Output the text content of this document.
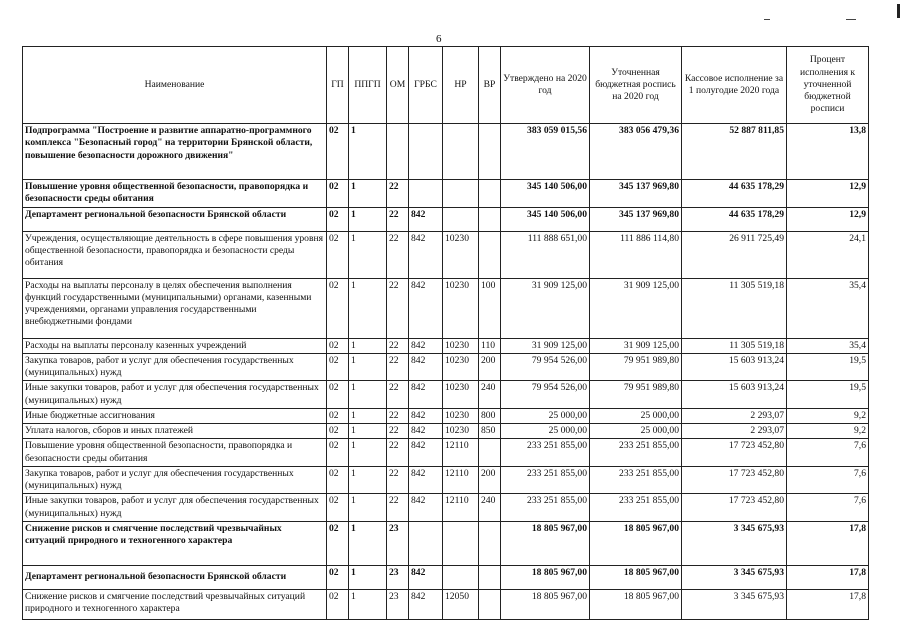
6
Наименование	ГП	ППГП	ОМ	ГРБС	НР	ВР	Утверждено на 2020 год	Уточненная бюджетная роспись на 2020 год	Кассовое исполнение за 1 полугодие 2020 года	Процент исполнения к уточненной бюджетной росписи
Подпрограмма "Построение и развитие аппаратно-программного комплекса "Безопасный город" на территории Брянской области, повышение безопасности дорожного движения"	02	1					383 059 015,56	383 056 479,36	52 887 811,85	13,8
Повышение уровня общественной безопасности, правопорядка и безопасности среды обитания	02	1	22				345 140 506,00	345 137 969,80	44 635 178,29	12,9
Департамент региональной безопасности Брянской области	02	1	22	842			345 140 506,00	345 137 969,80	44 635 178,29	12,9
Учреждения, осуществляющие деятельность в сфере повышения уровня общественной безопасности, правопорядка и безопасности среды обитания	02	1	22	842	10230		111 888 651,00	111 886 114,80	26 911 725,49	24,1
Расходы на выплаты персоналу в целях обеспечения выполнения функций государственными (муниципальными) органами, казенными учреждениями, органами управления государственными внебюджетными фондами	02	1	22	842	10230	100	31 909 125,00	31 909 125,00	11 305 519,18	35,4
Расходы на выплаты персоналу казенных учреждений	02	1	22	842	10230	110	31 909 125,00	31 909 125,00	11 305 519,18	35,4
Закупка товаров, работ и услуг для обеспечения государственных (муниципальных) нужд	02	1	22	842	10230	200	79 954 526,00	79 951 989,80	15 603 913,24	19,5
Иные закупки товаров, работ и услуг для обеспечения государственных (муниципальных) нужд	02	1	22	842	10230	240	79 954 526,00	79 951 989,80	15 603 913,24	19,5
Иные бюджетные ассигнования	02	1	22	842	10230	800	25 000,00	25 000,00	2 293,07	9,2
Уплата налогов, сборов и иных платежей	02	1	22	842	10230	850	25 000,00	25 000,00	2 293,07	9,2
Повышение уровня общественной безопасности, правопорядка и безопасности среды обитания	02	1	22	842	12110		233 251 855,00	233 251 855,00	17 723 452,80	7,6
Закупка товаров, работ и услуг для обеспечения государственных (муниципальных) нужд	02	1	22	842	12110	200	233 251 855,00	233 251 855,00	17 723 452,80	7,6
Иные закупки товаров, работ и услуг для обеспечения государственных (муниципальных) нужд	02	1	22	842	12110	240	233 251 855,00	233 251 855,00	17 723 452,80	7,6
Снижение рисков и смягчение последствий чрезвычайных ситуаций природного и техногенного характера	02	1	23				18 805 967,00	18 805 967,00	3 345 675,93	17,8
Департамент региональной безопасности Брянской области	02	1	23	842			18 805 967,00	18 805 967,00	3 345 675,93	17,8
Снижение рисков и смягчение последствий чрезвычайных ситуаций природного и техногенного характера	02	1	23	842	12050		18 805 967,00	18 805 967,00	3 345 675,93	17,8
